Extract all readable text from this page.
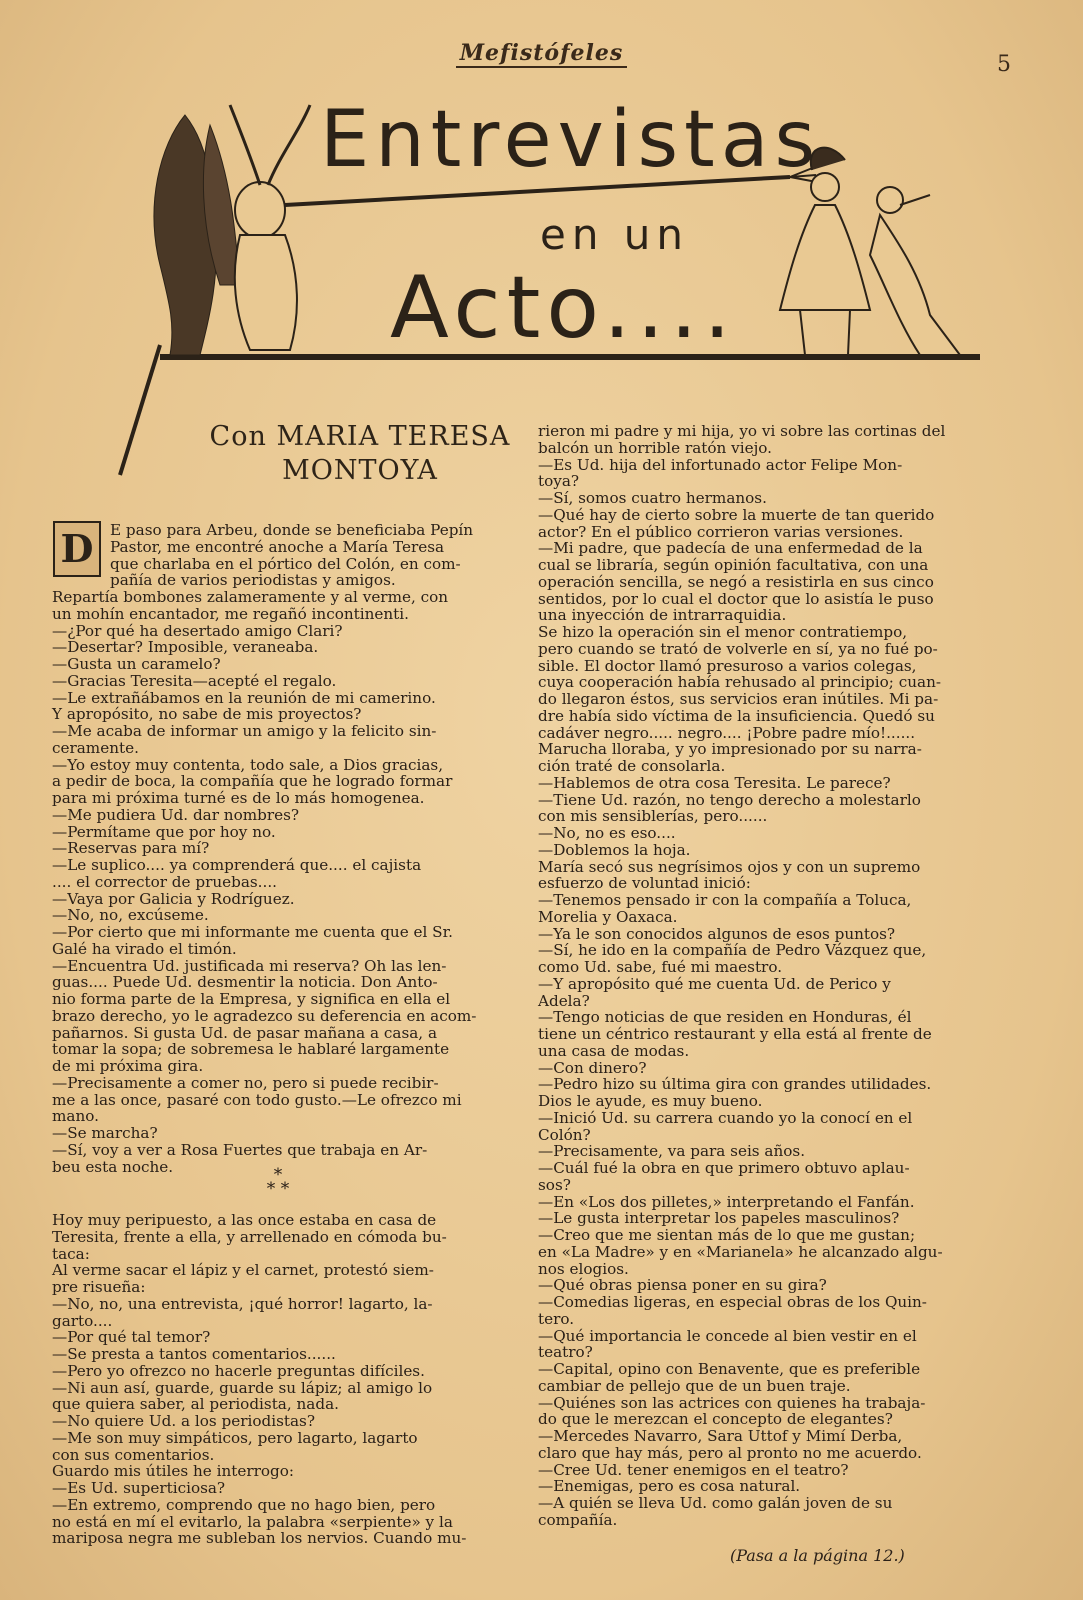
Mefistófeles	5
Entrevistas
en un
Acto....
Con MARIA TERESA
MONTOYA
D E paso para Arbeu, donde se beneficiaba Pepín
Pastor, me encontré anoche a María Teresa
que charlaba en el pórtico del Colón, en com-
pañía de varios periodistas y amigos.
Repartía bombones zalameramente y al verme, con
un mohín encantador, me regañó incontinenti.
—¿Por qué ha desertado amigo Clari?
—Desertar? Imposible, veraneaba.
—Gusta un caramelo?
—Gracias Teresita—acepté el regalo.
—Le extrañábamos en la reunión de mi camerino.
Y apropósito, no sabe de mis proyectos?
—Me acaba de informar un amigo y la felicito sin-
ceramente.
—Yo estoy muy contenta, todo sale, a Dios gracias,
a pedir de boca, la compañía que he logrado formar
para mi próxima turné es de lo más homogenea.
—Me pudiera Ud. dar nombres?
—Permítame que por hoy no.
—Reservas para mí?
—Le suplico.... ya comprenderá que.... el cajista
.... el corrector de pruebas....
—Vaya por Galicia y Rodríguez.
—No, no, excúseme.
—Por cierto que mi informante me cuenta que el Sr.
Galé ha virado el timón.
—Encuentra Ud. justificada mi reserva? Oh las len-
guas.... Puede Ud. desmentir la noticia. Don Anto-
nio forma parte de la Empresa, y significa en ella el
brazo derecho, yo le agradezco su deferencia en acom-
pañarnos. Si gusta Ud. de pasar mañana a casa, a
tomar la sopa; de sobremesa le hablaré largamente
de mi próxima gira.
—Precisamente a comer no, pero si puede recibir-
me a las once, pasaré con todo gusto.—Le ofrezco mi
mano.
—Se marcha?
—Sí, voy a ver a Rosa Fuertes que trabaja en Ar-
beu esta noche.	*
* *
Hoy muy peripuesto, a las once estaba en casa de
Teresita, frente a ella, y arrellenado en cómoda bu-
taca:
Al verme sacar el lápiz y el carnet, protestó siem-
pre risueña:
—No, no, una entrevista, ¡qué horror! lagarto, la-
garto....
—Por qué tal temor?
—Se presta a tantos comentarios......
—Pero yo ofrezco no hacerle preguntas difíciles.
—Ni aun así, guarde, guarde su lápiz; al amigo lo
que quiera saber, al periodista, nada.
—No quiere Ud. a los periodistas?
—Me son muy simpáticos, pero lagarto, lagarto
con sus comentarios.
Guardo mis útiles he interrogo:
—Es Ud. superticiosa?
—En extremo, comprendo que no hago bien, pero
no está en mí el evitarlo, la palabra «serpiente» y la
mariposa negra me subleban los nervios. Cuando mu-
rieron mi padre y mi hija, yo vi sobre las cortinas del
balcón un horrible ratón viejo.
—Es Ud. hija del infortunado actor Felipe Mon-
toya?
—Sí, somos cuatro hermanos.
—Qué hay de cierto sobre la muerte de tan querido
actor? En el público corrieron varias versiones.
—Mi padre, que padecía de una enfermedad de la
cual se libraría, según opinión facultativa, con una
operación sencilla, se negó a resistirla en sus cinco
sentidos, por lo cual el doctor que lo asistía le puso
una inyección de intrarraquidia.
Se hizo la operación sin el menor contratiempo,
pero cuando se trató de volverle en sí, ya no fué po-
sible. El doctor llamó presuroso a varios colegas,
cuya cooperación había rehusado al principio; cuan-
do llegaron éstos, sus servicios eran inútiles. Mi pa-
dre había sido víctima de la insuficiencia. Quedó su
cadáver negro..... negro.... ¡Pobre padre mío!......
Marucha lloraba, y yo impresionado por su narra-
ción traté de consolarla.
—Hablemos de otra cosa Teresita. Le parece?
—Tiene Ud. razón, no tengo derecho a molestarlo
con mis sensiblerías, pero......
—No, no es eso....
—Doblemos la hoja.
María secó sus negrísimos ojos y con un supremo
esfuerzo de voluntad inició:
—Tenemos pensado ir con la compañía a Toluca,
Morelia y Oaxaca.
—Ya le son conocidos algunos de esos puntos?
—Sí, he ido en la compañía de Pedro Vázquez que,
como Ud. sabe, fué mi maestro.
—Y apropósito qué me cuenta Ud. de Perico y
Adela?
—Tengo noticias de que residen en Honduras, él
tiene un céntrico restaurant y ella está al frente de
una casa de modas.
—Con dinero?
—Pedro hizo su última gira con grandes utilidades.
Dios le ayude, es muy bueno.
—Inició Ud. su carrera cuando yo la conocí en el
Colón?
—Precisamente, va para seis años.
—Cuál fué la obra en que primero obtuvo aplau-
sos?
—En «Los dos pilletes,» interpretando el Fanfán.
—Le gusta interpretar los papeles masculinos?
—Creo que me sientan más de lo que me gustan;
en «La Madre» y en «Marianela» he alcanzado algu-
nos elogios.
—Qué obras piensa poner en su gira?
—Comedias ligeras, en especial obras de los Quin-
tero.
—Qué importancia le concede al bien vestir en el
teatro?
—Capital, opino con Benavente, que es preferible
cambiar de pellejo que de un buen traje.
—Quiénes son las actrices con quienes ha trabaja-
do que le merezcan el concepto de elegantes?
—Mercedes Navarro, Sara Uttof y Mimí Derba,
claro que hay más, pero al pronto no me acuerdo.
—Cree Ud. tener enemigos en el teatro?
—Enemigas, pero es cosa natural.
—A quién se lleva Ud. como galán joven de su
compañía.
(Pasa a la página 12.)
